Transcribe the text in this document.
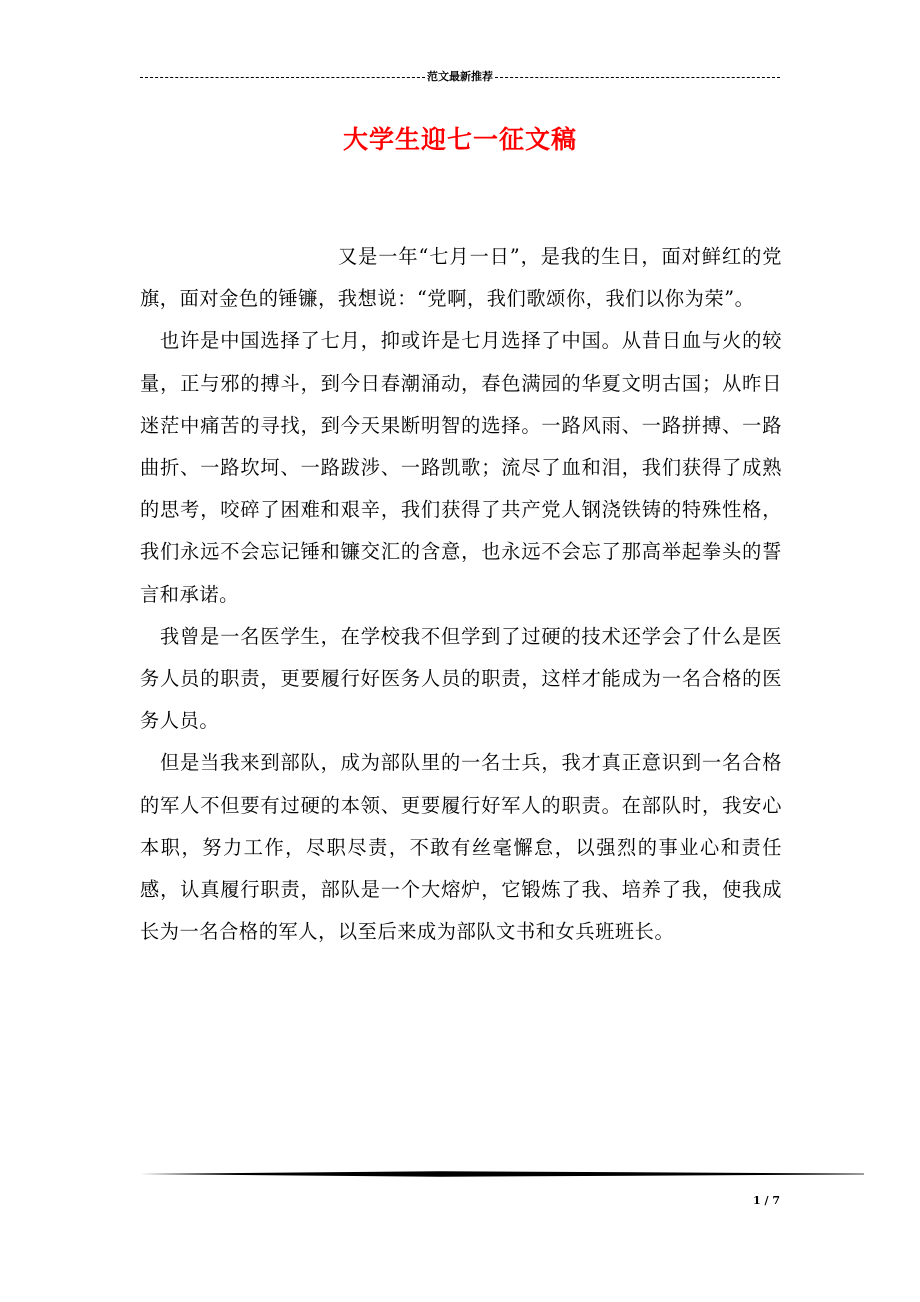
范文最新推荐
大学生迎七一征文稿

又是一年“七月一日”，是我的生日，面对鲜红的党旗，面对金色的锤镰，我想说：“党啊，我们歌颂你，我们以你为荣”。

也许是中国选择了七月，抑或许是七月选择了中国。从昔日血与火的较量，正与邪的搏斗，到今日春潮涌动，春色满园的华夏文明古国；从昨日迷茫中痛苦的寻找，到今天果断明智的选择。一路风雨、一路拼搏、一路曲折、一路坎坷、一路跋涉、一路凯歌；流尽了血和泪，我们获得了成熟的思考，咬碎了困难和艰辛，我们获得了共产党人钢浇铁铸的特殊性格，我们永远不会忘记锤和镰交汇的含意，也永远不会忘了那高举起拳头的誓言和承诺。

我曾是一名医学生，在学校我不但学到了过硬的技术还学会了什么是医务人员的职责，更要履行好医务人员的职责，这样才能成为一名合格的医务人员。

但是当我来到部队，成为部队里的一名士兵，我才真正意识到一名合格的军人不但要有过硬的本领、更要履行好军人的职责。在部队时，我安心本职，努力工作，尽职尽责，不敢有丝毫懈怠，以强烈的事业心和责任感，认真履行职责，部队是一个大熔炉，它锻炼了我、培养了我，使我成长为一名合格的军人，以至后来成为部队文书和女兵班班长。

1 / 7
